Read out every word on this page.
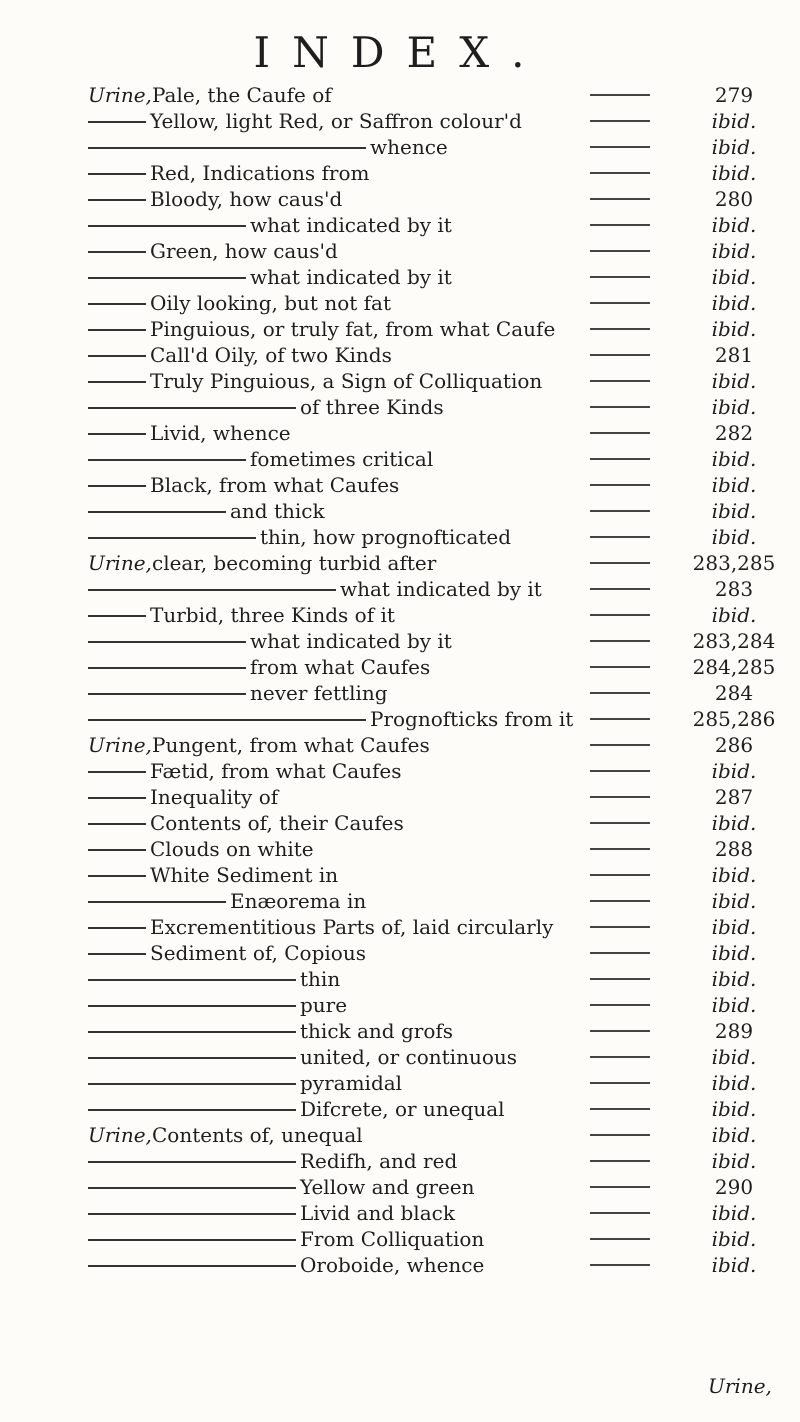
INDEX.
Urine, Pale, the Caufe of	279
Yellow, light Red, or Saffron colour'd	ibid.
whence	ibid.
Red, Indications from	ibid.
Bloody, how caus'd	280
what indicated by it	ibid.
Green, how caus'd	ibid.
what indicated by it	ibid.
Oily looking, but not fat	ibid.
Pinguious, or truly fat, from what Caufe	ibid.
Call'd Oily, of two Kinds	281
Truly Pinguious, a Sign of Colliquation	ibid.
of three Kinds	ibid.
Livid, whence	282
fometimes critical	ibid.
Black, from what Caufes	ibid.
and thick	ibid.
thin, how prognofticated	ibid.
Urine, clear, becoming turbid after	283,285
what indicated by it	283
Turbid, three Kinds of it	ibid.
what indicated by it	283,284
from what Caufes	284,285
never fettling	284
Prognofticks from it	285,286
Urine, Pungent, from what Caufes	286
Fætid, from what Caufes	ibid.
Inequality of	287
Contents of, their Caufes	ibid.
Clouds on white	288
White Sediment in	ibid.
Enæorema in	ibid.
Excrementitious Parts of, laid circularly	ibid.
Sediment of, Copious	ibid.
thin	ibid.
pure	ibid.
thick and grofs	289
united, or continuous	ibid.
pyramidal	ibid.
Difcrete, or unequal	ibid.
Urine, Contents of, unequal	ibid.
Redifh, and red	ibid.
Yellow and green	290
Livid and black	ibid.
From Colliquation	ibid.
Oroboide, whence	ibid.
Urine,
